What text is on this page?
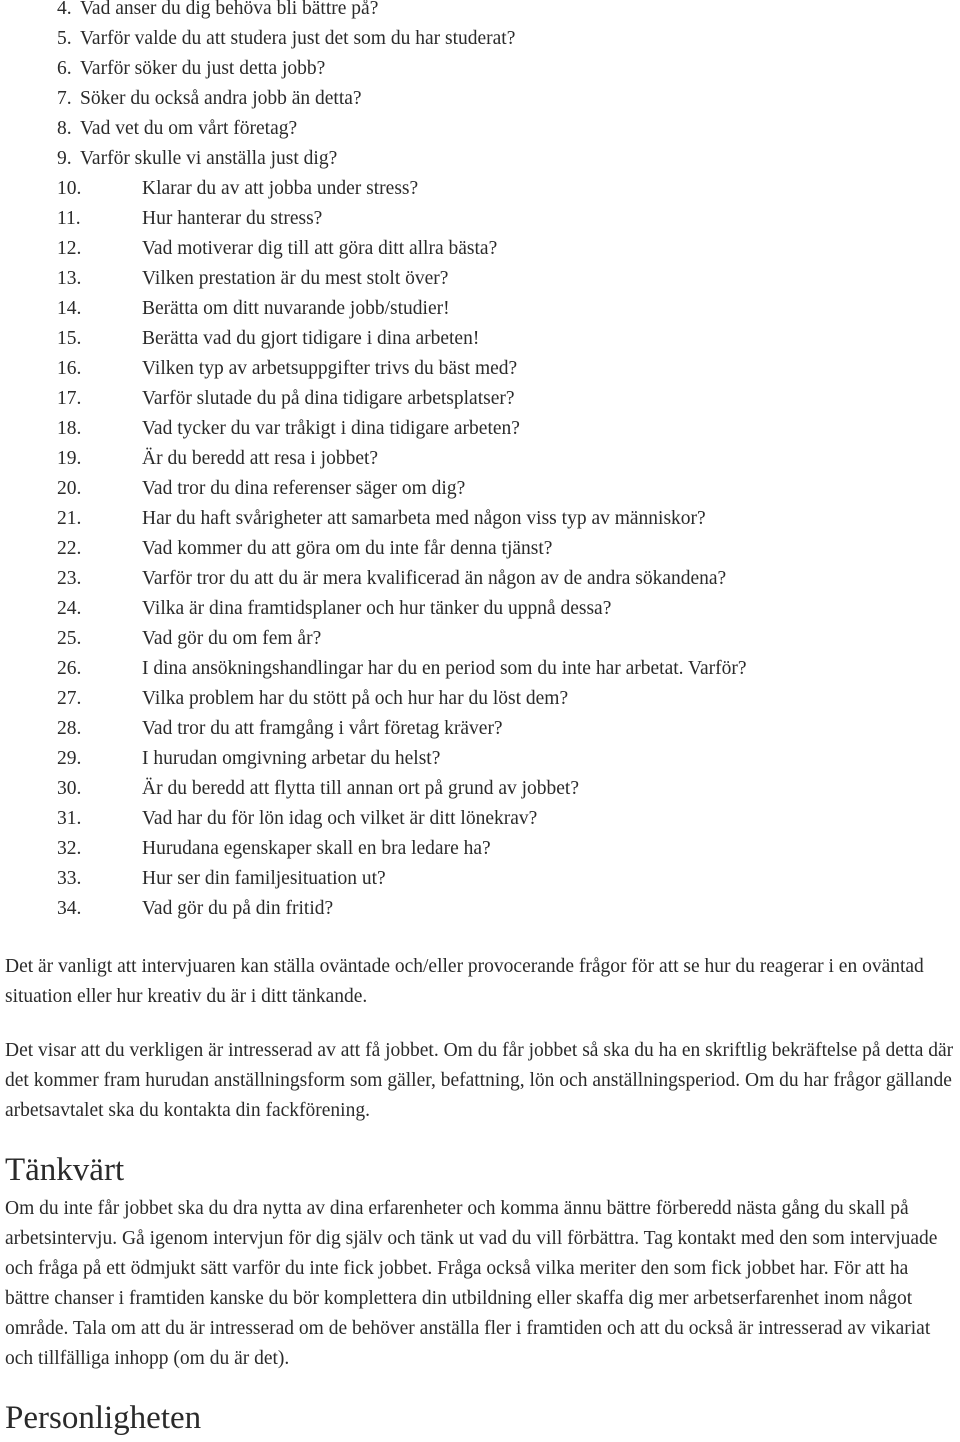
4. Vad anser du dig behöva bli bättre på?
5. Varför valde du att studera just det som du har studerat?
6. Varför söker du just detta jobb?
7. Söker du också andra jobb än detta?
8. Vad vet du om vårt företag?
9. Varför skulle vi anställa just dig?
10.	Klarar du av att jobba under stress?
11.	Hur hanterar du stress?
12.	Vad motiverar dig till att göra ditt allra bästa?
13.	Vilken prestation är du mest stolt över?
14.	Berätta om ditt nuvarande jobb/studier!
15.	Berätta vad du gjort tidigare i dina arbeten!
16.	Vilken typ av arbetsuppgifter trivs du bäst med?
17.	Varför slutade du på dina tidigare arbetsplatser?
18.	Vad tycker du var tråkigt i dina tidigare arbeten?
19.	Är du beredd att resa i jobbet?
20.	Vad tror du dina referenser säger om dig?
21.	Har du haft svårigheter att samarbeta med någon viss typ av människor?
22.	Vad kommer du att göra om du inte får denna tjänst?
23.	Varför tror du att du är mera kvalificerad än någon av de andra sökandena?
24.	Vilka är dina framtidsplaner och hur tänker du uppnå dessa?
25.	Vad gör du om fem år?
26.	I dina ansökningshandlingar har du en period som du inte har arbetat. Varför?
27.	Vilka problem har du stött på och hur har du löst dem?
28.	Vad tror du att framgång i vårt företag kräver?
29.	I hurudan omgivning arbetar du helst?
30.	Är du beredd att flytta till annan ort på grund av jobbet?
31.	Vad har du för lön idag och vilket är ditt lönekrav?
32.	Hurudana egenskaper skall en bra ledare ha?
33.	Hur ser din familjesituation ut?
34.	Vad gör du på din fritid?

Det är vanligt att intervjuaren kan ställa oväntade och/eller provocerande frågor för att se hur du reagerar i en oväntad situation eller hur kreativ du är i ditt tänkande.

Det visar att du verkligen är intresserad av att få jobbet. Om du får jobbet så ska du ha en skriftlig bekräftelse på detta där det kommer fram hurudan anställningsform som gäller, befattning, lön och anställningsperiod. Om du har frågor gällande arbetsavtalet ska du kontakta din fackförening.

Tänkvärt

Om du inte får jobbet ska du dra nytta av dina erfarenheter och komma ännu bättre förberedd nästa gång du skall på arbetsintervju. Gå igenom intervjun för dig själv och tänk ut vad du vill förbättra. Tag kontakt med den som intervjuade och fråga på ett ödmjukt sätt varför du inte fick jobbet. Fråga också vilka meriter den som fick jobbet har. För att ha bättre chanser i framtiden kanske du bör komplettera din utbildning eller skaffa dig mer arbetserfarenhet inom något område. Tala om att du är intresserad om de behöver anställa fler i framtiden och att du också är intresserad av vikariat och tillfälliga inhopp (om du är det).

Personligheten
